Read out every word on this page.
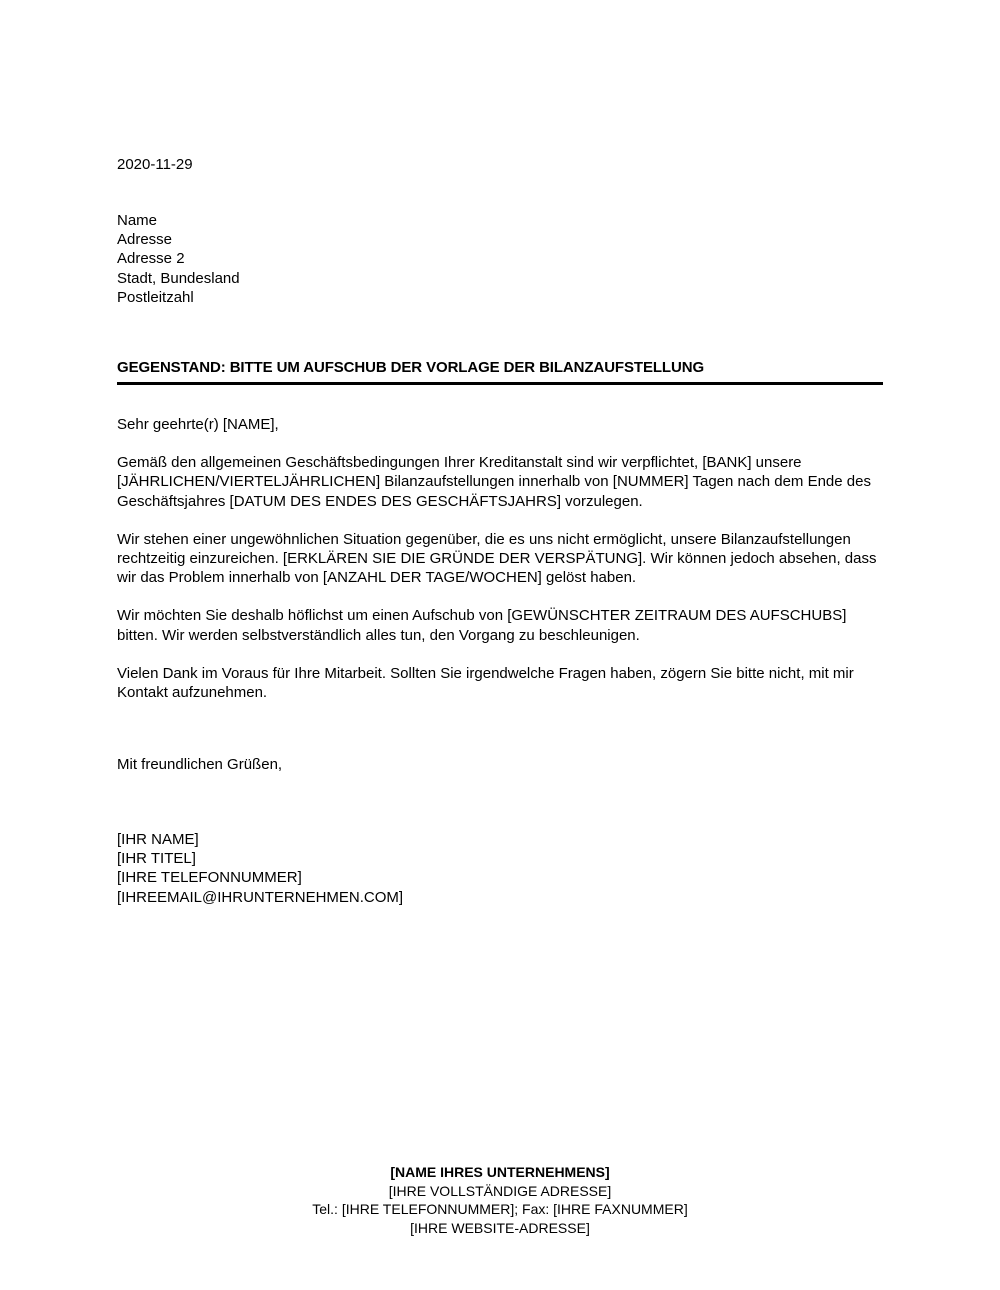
2020-11-29
Name
Adresse
Adresse 2
Stadt, Bundesland
Postleitzahl
GEGENSTAND: BITTE UM AUFSCHUB DER VORLAGE DER BILANZAUFSTELLUNG

Sehr geehrte(r) [NAME],

Gemäß den allgemeinen Geschäftsbedingungen Ihrer Kreditanstalt sind wir verpflichtet, [BANK] unsere [JÄHRLICHEN/VIERTELJÄHRLICHEN] Bilanzaufstellungen innerhalb von [NUMMER] Tagen nach dem Ende des Geschäftsjahres [DATUM DES ENDES DES GESCHÄFTSJAHRS] vorzulegen.

Wir stehen einer ungewöhnlichen Situation gegenüber, die es uns nicht ermöglicht, unsere Bilanzaufstellungen rechtzeitig einzureichen. [ERKLÄREN SIE DIE GRÜNDE DER VERSPÄTUNG]. Wir können jedoch absehen, dass wir das Problem innerhalb von [ANZAHL DER TAGE/WOCHEN] gelöst haben.

Wir möchten Sie deshalb höflichst um einen Aufschub von [GEWÜNSCHTER ZEITRAUM DES AUFSCHUBS] bitten. Wir werden selbstverständlich alles tun, den Vorgang zu beschleunigen.

Vielen Dank im Voraus für Ihre Mitarbeit. Sollten Sie irgendwelche Fragen haben, zögern Sie bitte nicht, mit mir Kontakt aufzunehmen.

Mit freundlichen Grüßen,
[IHR NAME]
[IHR TITEL]
[IHRE TELEFONNUMMER]
[IHREEMAIL@IHRUNTERNEHMEN.COM]
[NAME IHRES UNTERNEHMENS]
[IHRE VOLLSTÄNDIGE ADRESSE]
Tel.: [IHRE TELEFONNUMMER]; Fax: [IHRE FAXNUMMER]
[IHRE WEBSITE-ADRESSE]
